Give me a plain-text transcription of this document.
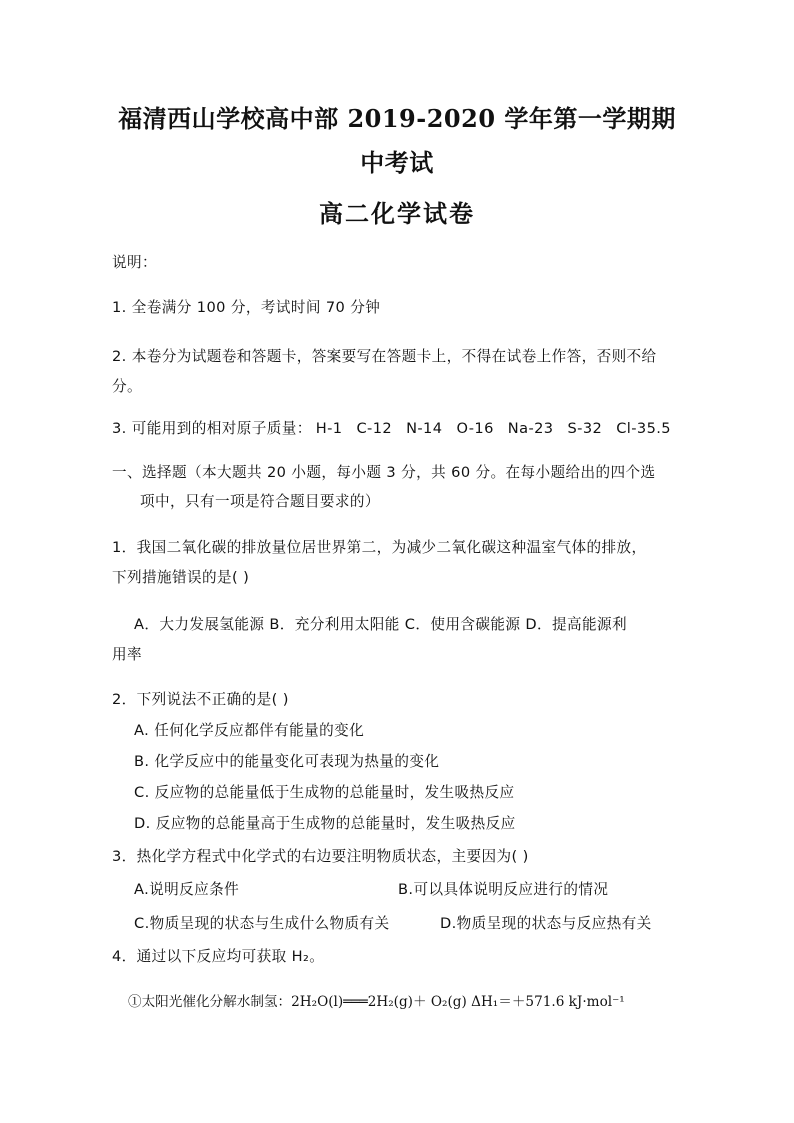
福清西山学校高中部 2019-2020 学年第一学期期中考试
高二化学试卷
说明：
1. 全卷满分 100 分，考试时间 70 分钟
2. 本卷分为试题卷和答题卡，答案要写在答题卡上，不得在试卷上作答，否则不给分。
3. 可能用到的相对原子质量： H-1 C-12 N-14 O-16 Na-23 S-32 Cl-35.5
一、选择题（本大题共 20 小题，每小题 3 分，共 60 分。在每小题给出的四个选
项中，只有一项是符合题目要求的）
1．我国二氧化碳的排放量位居世界第二，为减少二氧化碳这种温室气体的排放，
下列措施错误的是( )
A．大力发展氢能源 B．充分利用太阳能 C．使用含碳能源 D．提高能源利
用率
2．下列说法不正确的是( )
A. 任何化学反应都伴有能量的变化
B. 化学反应中的能量变化可表现为热量的变化
C. 反应物的总能量低于生成物的总能量时，发生吸热反应
D. 反应物的总能量高于生成物的总能量时，发生吸热反应
3．热化学方程式中化学式的右边要注明物质状态，主要因为( )
A.说明反应条件	B.可以具体说明反应进行的情况
C.物质呈现的状态与生成什么物质有关	D.物质呈现的状态与反应热有关
4．通过以下反应均可获取 H₂。
①太阳光催化分解水制氢：2H₂O(l)═══2H₂(g)＋ O₂(g) ΔH₁＝＋571.6 kJ·mol⁻¹
